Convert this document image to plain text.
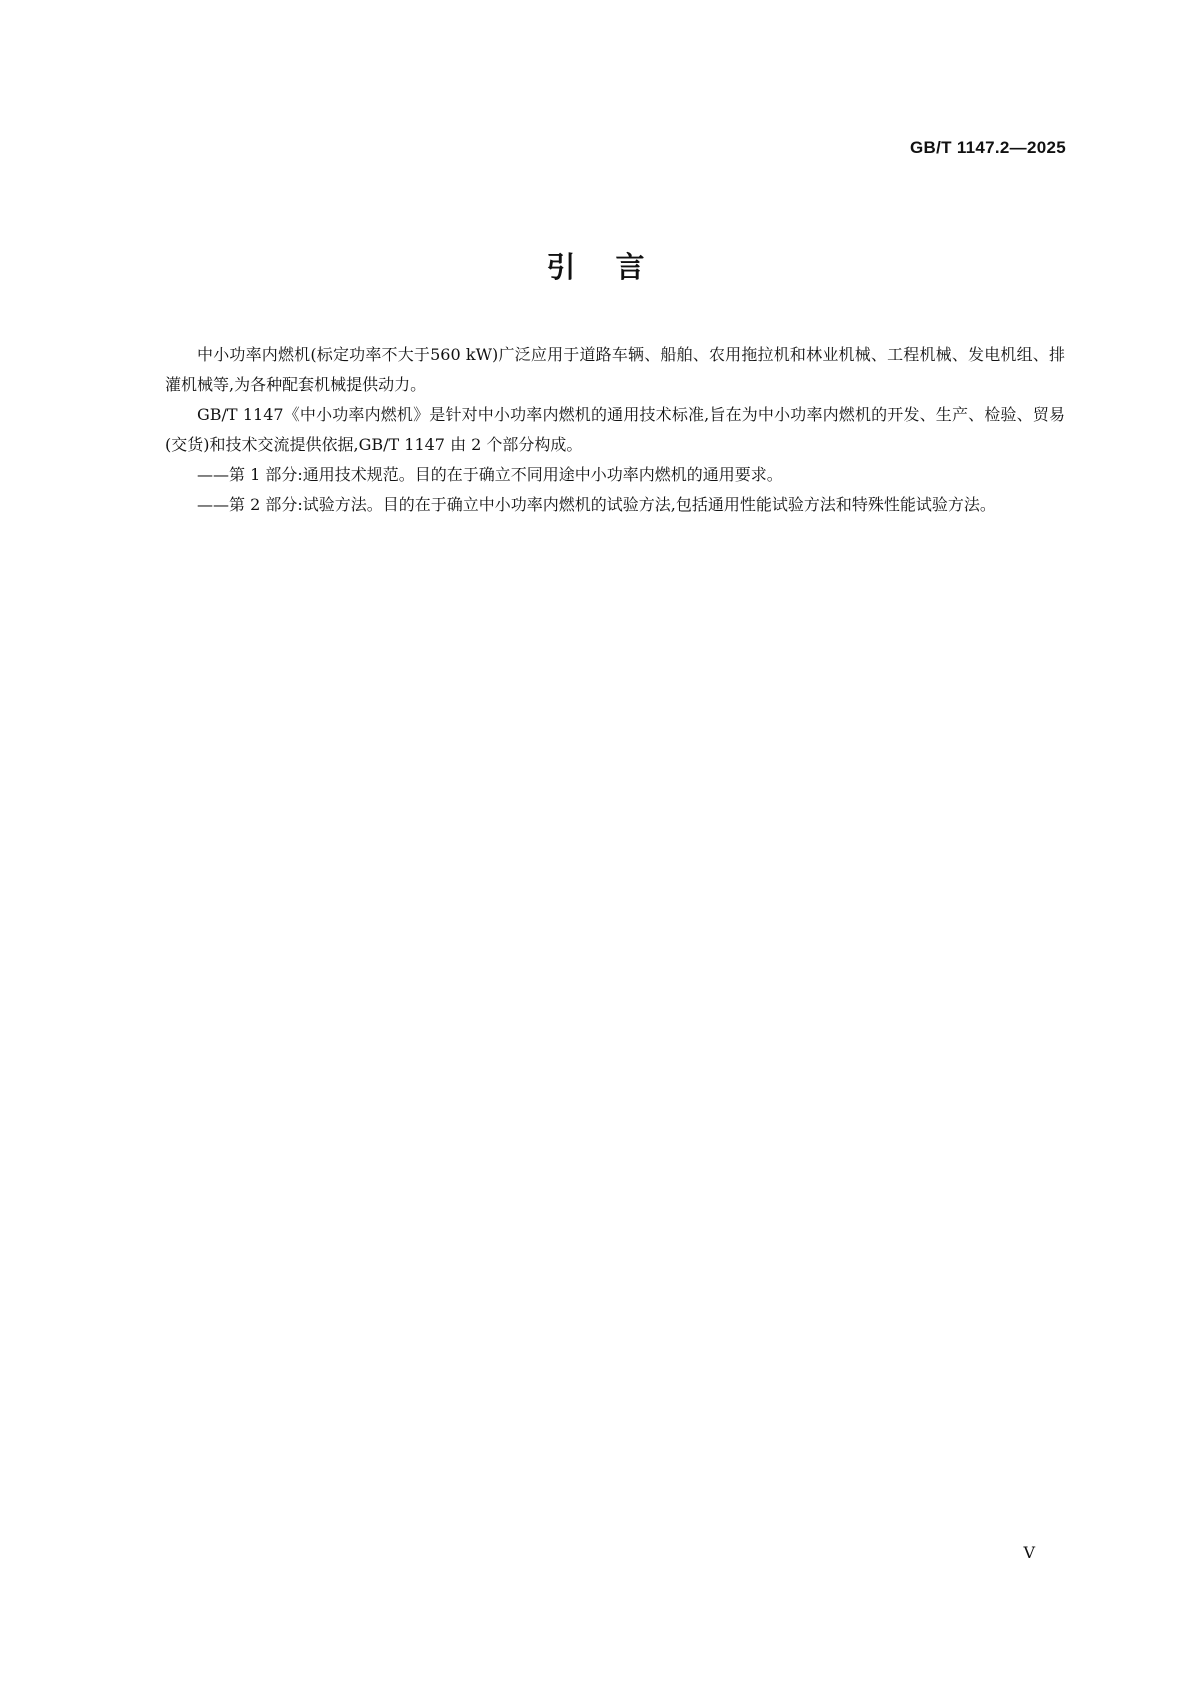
GB/T 1147.2—2025
引言

中小功率内燃机(标定功率不大于560 kW)广泛应用于道路车辆、船舶、农用拖拉机和林业机械、工程机械、发电机组、排灌机械等,为各种配套机械提供动力。

GB/T 1147《中小功率内燃机》是针对中小功率内燃机的通用技术标准,旨在为中小功率内燃机的开发、生产、检验、贸易(交货)和技术交流提供依据,GB/T 1147 由 2 个部分构成。

——第 1 部分:通用技术规范。目的在于确立不同用途中小功率内燃机的通用要求。

——第 2 部分:试验方法。目的在于确立中小功率内燃机的试验方法,包括通用性能试验方法和特殊性能试验方法。

V
